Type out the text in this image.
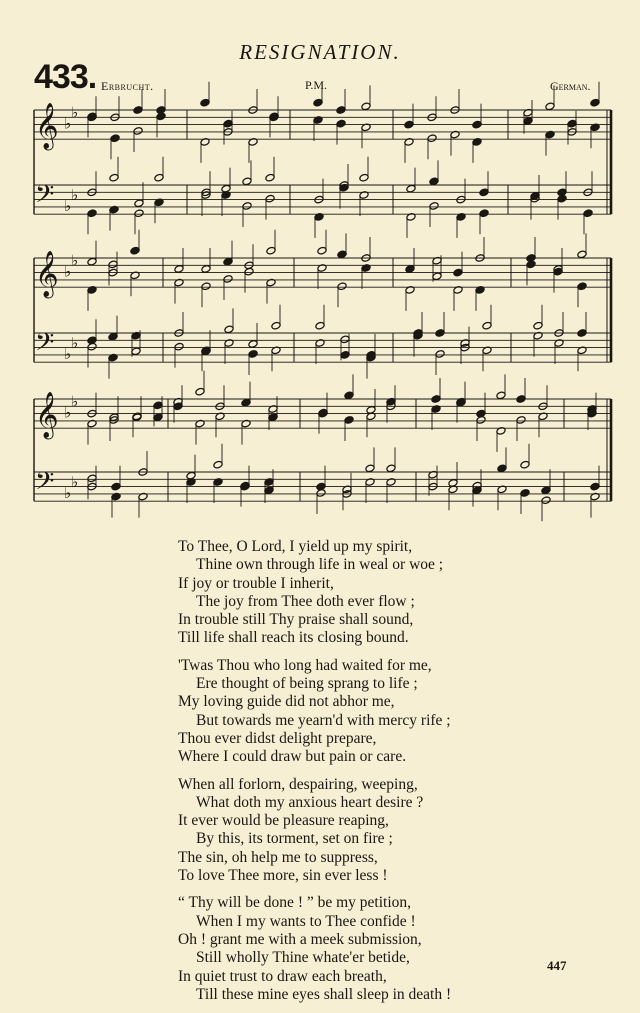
RESIGNATION.
433. Erbrucht.	P.M.	German.
𝄞 ♭
♭
𝄢 ♭
♭
𝄞 ♭
♭
𝄢 ♭
♭
𝄞 ♭
♭
𝄢 ♭
♭
To Thee, O Lord, I yield up my spirit,
Thine own through life in weal or woe ;
If joy or trouble I inherit,
The joy from Thee doth ever flow ;
In trouble still Thy praise shall sound,
Till life shall reach its closing bound.
'Twas Thou who long had waited for me,
Ere thought of being sprang to life ;
My loving guide did not abhor me,
But towards me yearn'd with mercy rife ;
Thou ever didst delight prepare,
Where I could draw but pain or care.
When all forlorn, despairing, weeping,
What doth my anxious heart desire ?
It ever would be pleasure reaping,
By this, its torment, set on fire ;
The sin, oh help me to suppress,
To love Thee more, sin ever less !
“ Thy will be done ! ” be my petition,
When I my wants to Thee confide !
Oh ! grant me with a meek submission,
Still wholly Thine whate'er betide,
In quiet trust to draw each breath,
Till these mine eyes shall sleep in death !
447
